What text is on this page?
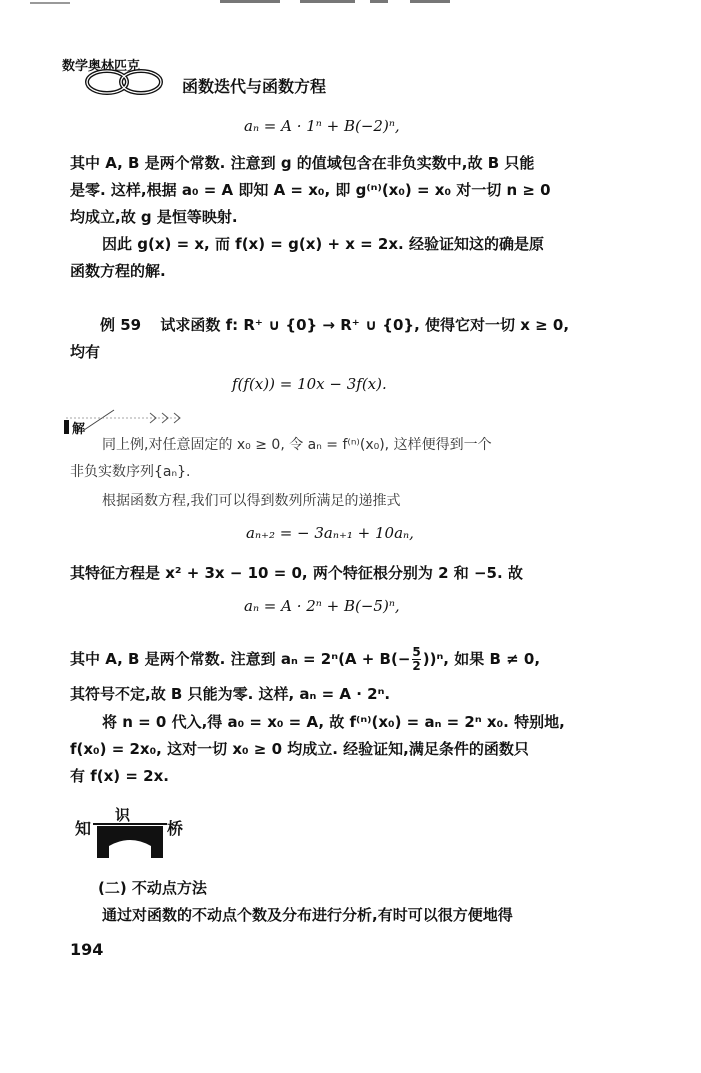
数学奥林匹克
函数迭代与函数方程
aₙ = A · 1ⁿ + B(−2)ⁿ,
其中 A, B 是两个常数. 注意到 g 的值域包含在非负实数中,故 B 只能
是零. 这样,根据 a₀ = A 即知 A = x₀, 即 g⁽ⁿ⁾(x₀) = x₀ 对一切 n ≥ 0
均成立,故 g 是恒等映射.
因此 g(x) = x, 而 f(x) = g(x) + x = 2x. 经验证知这的确是原
函数方程的解.
例 59 试求函数 f: R⁺ ∪ {0} → R⁺ ∪ {0}, 使得它对一切 x ≥ 0,
均有
f(f(x)) = 10x − 3f(x).
解
同上例,对任意固定的 x₀ ≥ 0, 令 aₙ = f⁽ⁿ⁾(x₀), 这样便得到一个
非负实数序列{aₙ}.
根据函数方程,我们可以得到数列所满足的递推式
aₙ₊₂ = − 3aₙ₊₁ + 10aₙ,
其特征方程是 x² + 3x − 10 = 0, 两个特征根分别为 2 和 −5. 故
aₙ = A · 2ⁿ + B(−5)ⁿ,
其中 A, B 是两个常数. 注意到 $a_n = 2^n(A + B(- \frac{5}{2} ))^n$, 如果 B ≠ 0,
其符号不定,故 B 只能为零. 这样, aₙ = A · 2ⁿ.
将 n = 0 代入,得 a₀ = x₀ = A, 故 f⁽ⁿ⁾(x₀) = aₙ = 2ⁿ x₀. 特别地,
f(x₀) = 2x₀, 这对一切 x₀ ≥ 0 均成立. 经验证知,满足条件的函数只
有 f(x) = 2x.
知
识
桥
(二) 不动点方法
通过对函数的不动点个数及分布进行分析,有时可以很方便地得
194
